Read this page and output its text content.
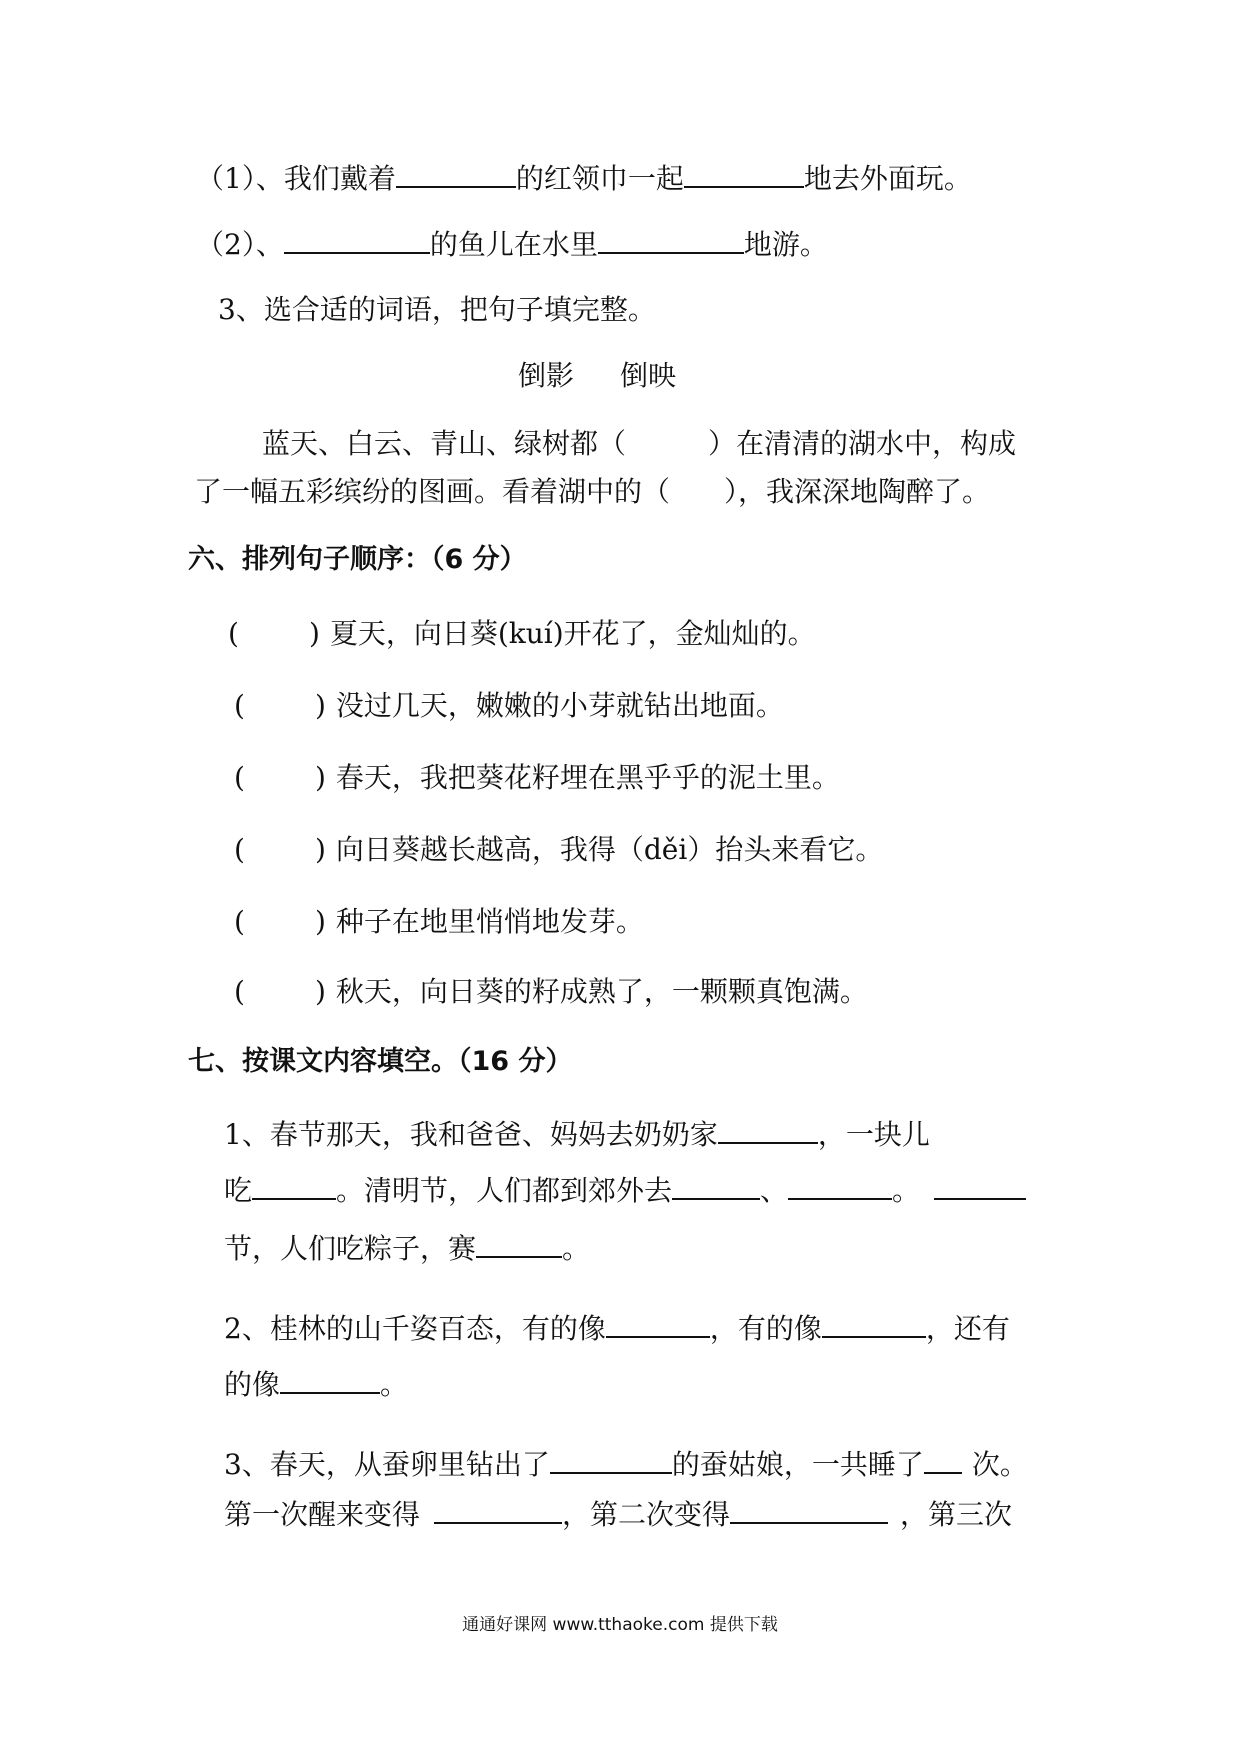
（1）、我们戴着	的红领巾一起	地去外面玩。
（2）、	的鱼儿在水里	地游。
3、选合适的词语，把句子填完整。
倒影 倒映
蓝天、白云、青山、绿树都（	）在清清的湖水中，构成
了一幅五彩缤纷的图画。看着湖中的（ ），我深深地陶醉了。
六、排列句子顺序：（6 分）
(	) 夏天，向日葵(kuí)开花了，金灿灿的。
(	) 没过几天，嫩嫩的小芽就钻出地面。
(	) 春天，我把葵花籽埋在黑乎乎的泥土里。
(	) 向日葵越长越高，我得（děi）抬头来看它。
(	) 种子在地里悄悄地发芽。
(	) 秋天，向日葵的籽成熟了，一颗颗真饱满。
七、按课文内容填空。（16 分）
1、春节那天，我和爸爸、妈妈去奶奶家	，一块儿
吃	。清明节，人们都到郊外去	、	。
节，人们吃粽子，赛	。
2、桂林的山千姿百态，有的像	，有的像	，还有
的像	。
3、春天，从蚕卵里钻出了	的蚕姑娘，一共睡了 次。
第一次醒来变得	，第二次变得	，第三次
通通好课网 www.tthaoke.com 提供下载
